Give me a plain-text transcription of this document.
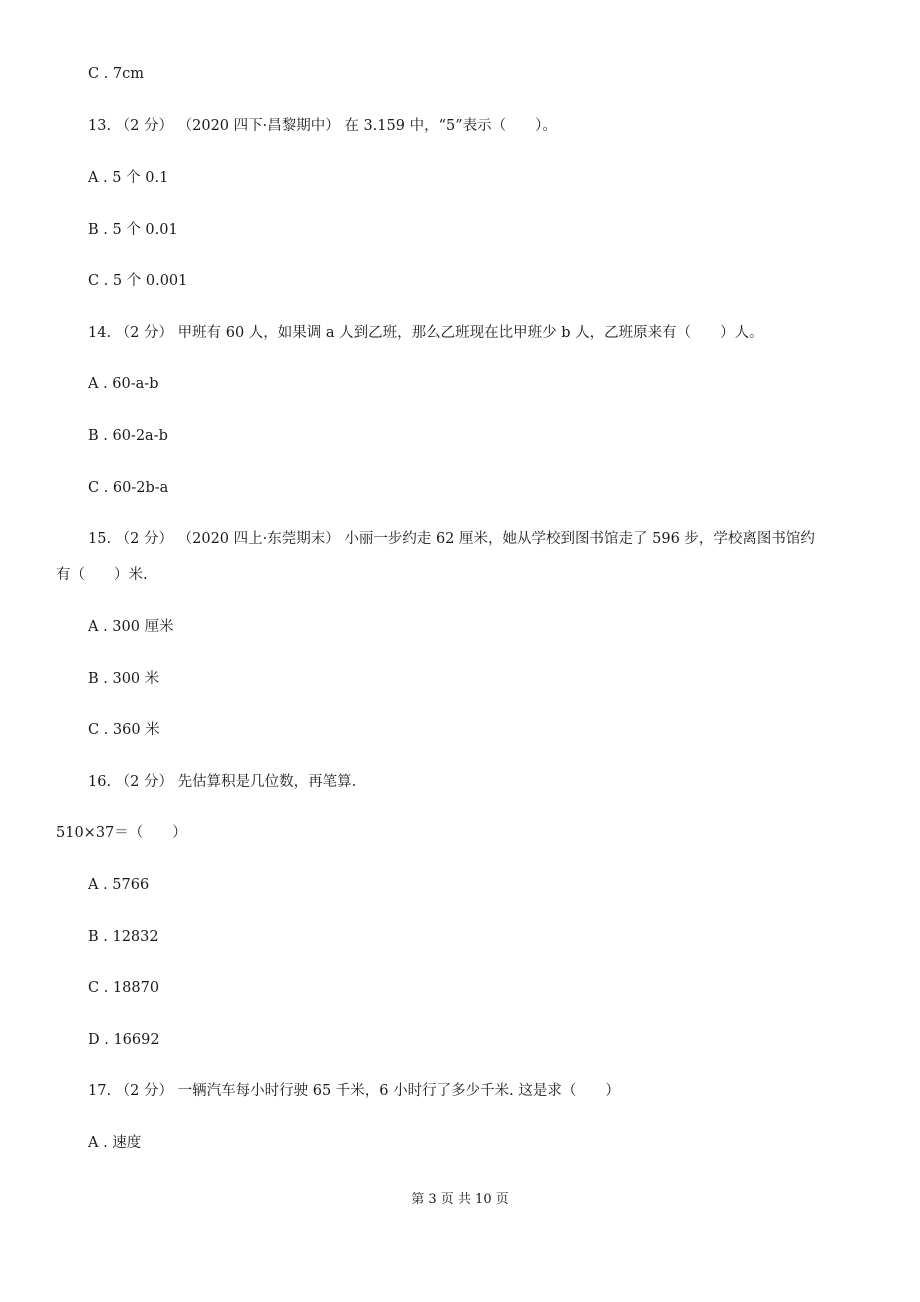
C . 7cm
13. （2 分） （2020 四下·昌黎期中） 在 3.159 中，“5”表示（　　）。
A . 5 个 0.1
B . 5 个 0.01
C . 5 个 0.001
14. （2 分） 甲班有 60 人，如果调 a 人到乙班，那么乙班现在比甲班少 b 人，乙班原来有（　　）人。
A . 60-a-b
B . 60-2a-b
C . 60-2b-a
15. （2 分） （2020 四上·东莞期末） 小丽一步约走 62 厘米，她从学校到图书馆走了 596 步，学校离图书馆约
有（　　）米.
A . 300 厘米
B . 300 米
C . 360 米
16. （2 分） 先估算积是几位数，再笔算.
510×37＝（　　）
A . 5766
B . 12832
C . 18870
D . 16692
17. （2 分） 一辆汽车每小时行驶 65 千米，6 小时行了多少千米. 这是求（　　）
A . 速度
第 3 页 共 10 页
